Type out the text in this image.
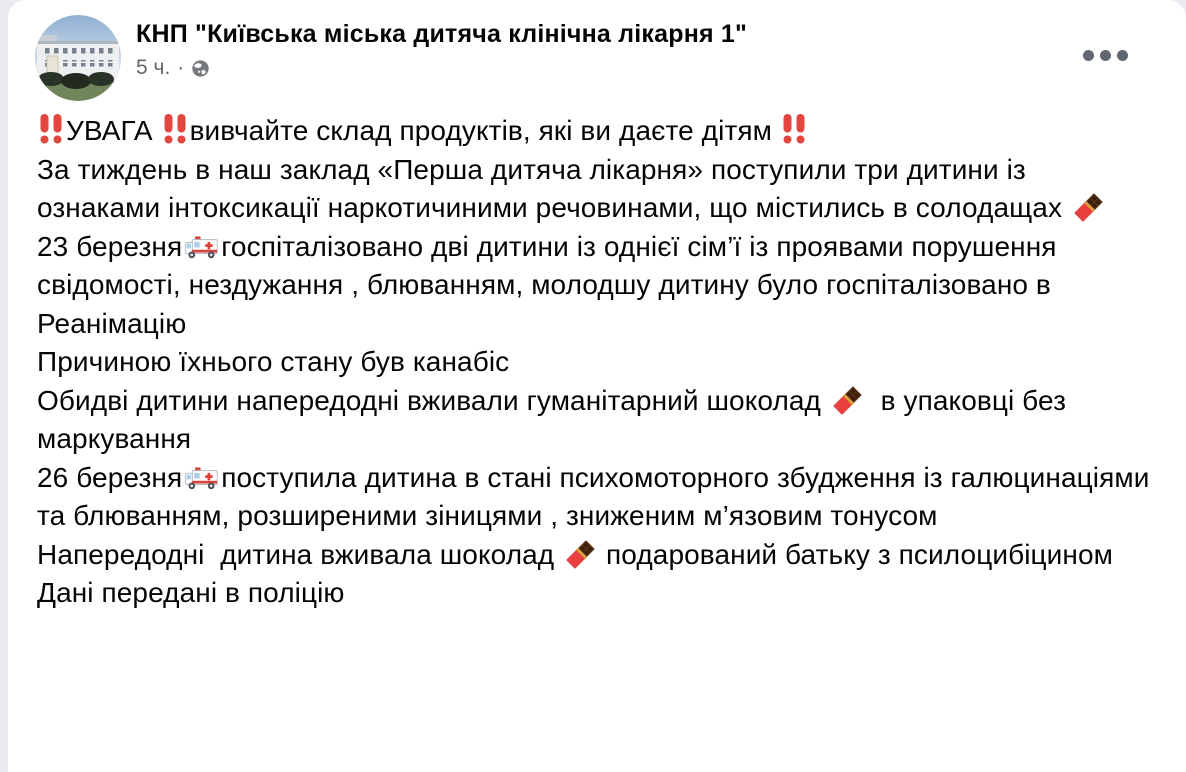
КНП "Київська міська дитяча клінічна лікарня 1"
5 ч. ·
УВАГА вивчайте склад продуктів, які ви даєте дітям
За тиждень в наш заклад «Перша дитяча лікарня» поступили три дитини із ознаками інтоксикації наркотичиними речовинами, що містились в солодащах
23 березня госпіталізовано дві дитини із однієї сім’ї із проявами порушення свідомості, нездужання , блюванням, молодшу дитину було госпіталізовано в Реанімацію
Причиною їхнього стану був канабіс
Обидві дитини напередодні вживали гуманітарний шоколад   в упаковці без маркування
26 березня поступила дитина в стані психомоторного збудження із галюцинаціями та блюванням, розширеними зіницями , зниженим м’язовим тонусом
Напередодні  дитина вживала шоколад  подарований батьку з псилоцибіцином
Дані передані в поліцію
